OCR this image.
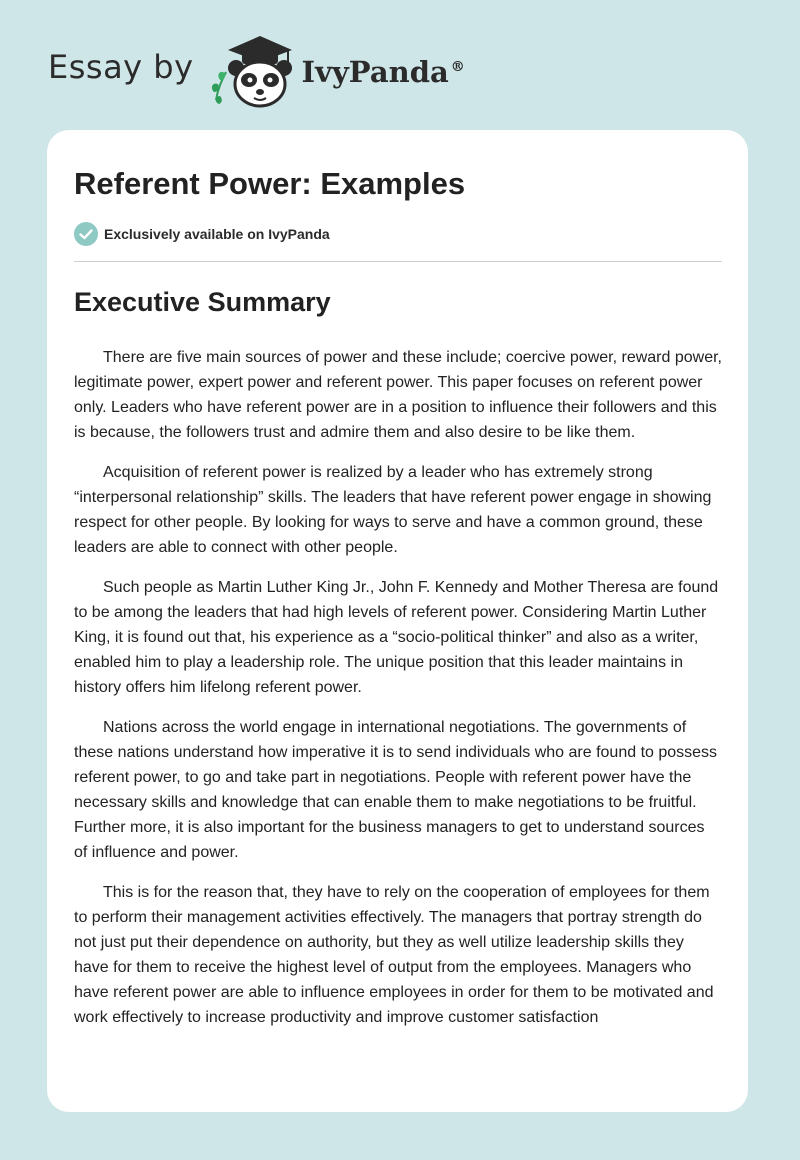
Essay by	IvyPanda ®
Referent Power: Examples
Exclusively available on IvyPanda
Executive Summary

There are five main sources of power and these include; coercive power, reward power, legitimate power, expert power and referent power. This paper focuses on referent power only. Leaders who have referent power are in a position to influence their followers and this is because, the followers trust and admire them and also desire to be like them.

Acquisition of referent power is realized by a leader who has extremely strong “interpersonal relationship” skills. The leaders that have referent power engage in showing respect for other people. By looking for ways to serve and have a common ground, these leaders are able to connect with other people.

Such people as Martin Luther King Jr., John F. Kennedy and Mother Theresa are found to be among the leaders that had high levels of referent power. Considering Martin Luther King, it is found out that, his experience as a “socio-political thinker” and also as a writer, enabled him to play a leadership role. The unique position that this leader maintains in history offers him lifelong referent power.

Nations across the world engage in international negotiations. The governments of these nations understand how imperative it is to send individuals who are found to possess referent power, to go and take part in negotiations. People with referent power have the necessary skills and knowledge that can enable them to make negotiations to be fruitful. Further more, it is also important for the business managers to get to understand sources of influence and power.

This is for the reason that, they have to rely on the cooperation of employees for them to perform their management activities effectively. The managers that portray strength do not just put their dependence on authority, but they as well utilize leadership skills they have for them to receive the highest level of output from the employees. Managers who have referent power are able to influence employees in order for them to be motivated and work effectively to increase productivity and improve customer satisfaction
